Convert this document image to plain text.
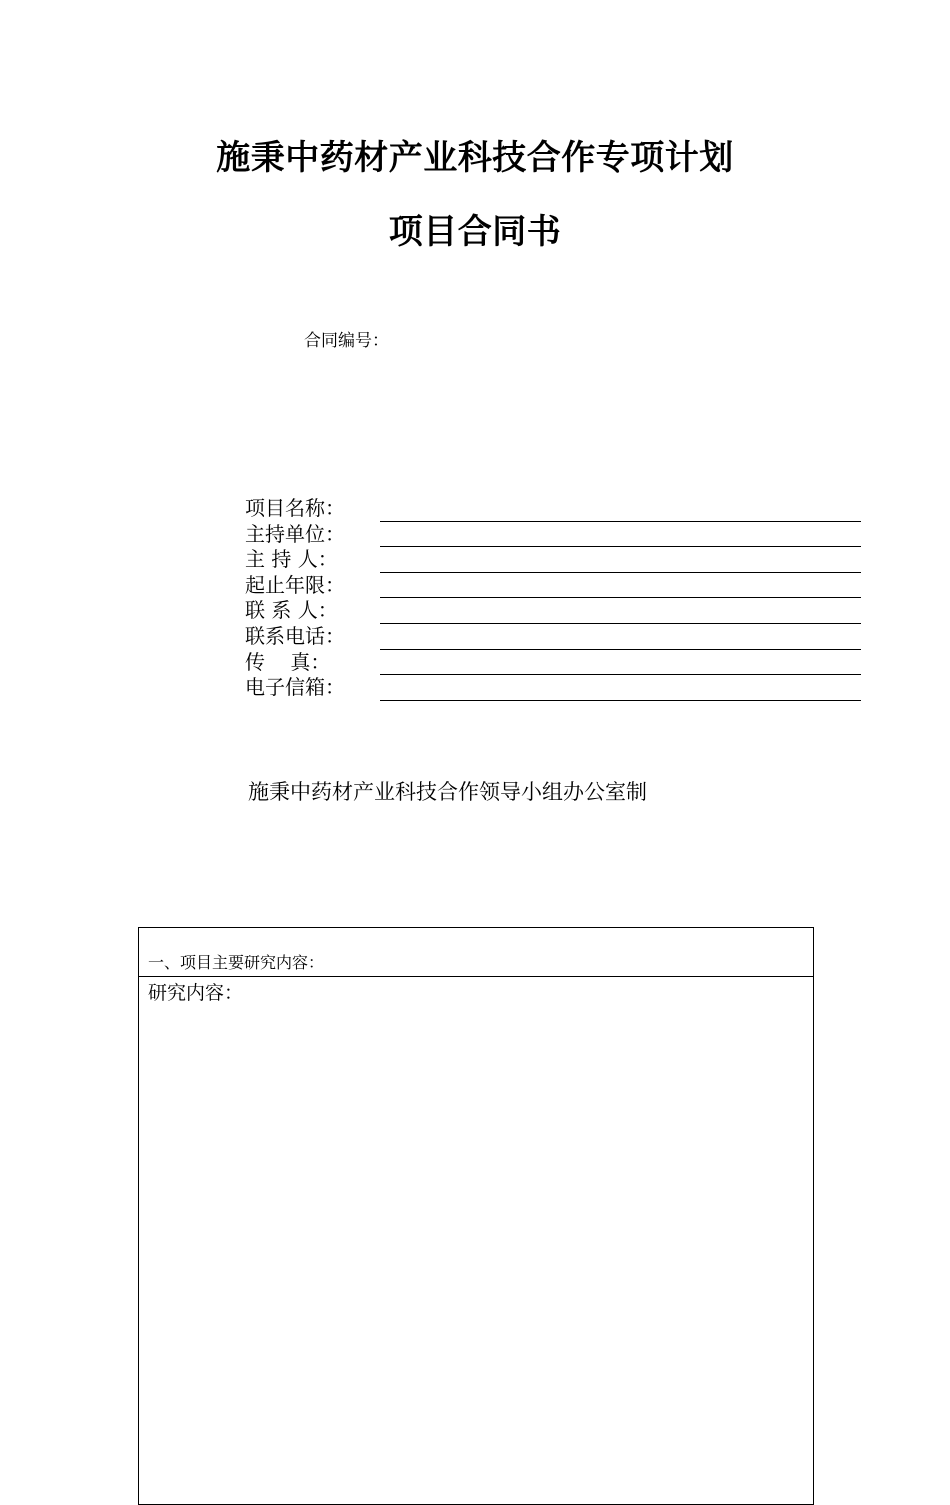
施秉中药材产业科技合作专项计划
项目合同书
合同编号：
项目名称：
主持单位：
主 持 人：
起止年限：
联 系 人：
联系电话：
传    真：
电子信箱：
施秉中药材产业科技合作领导小组办公室制
一、项目主要研究内容：
研究内容：
